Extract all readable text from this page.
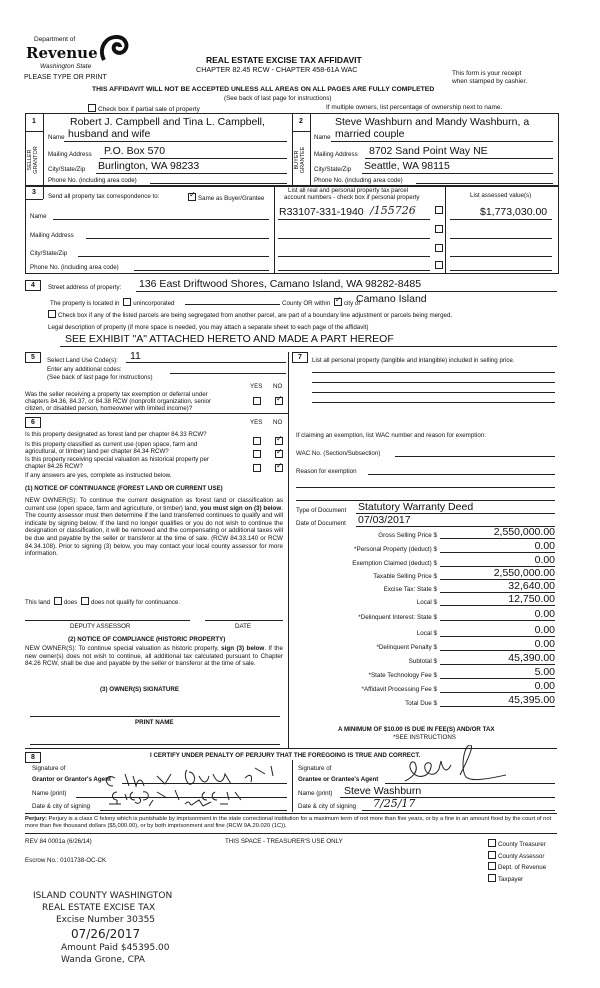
Department of
Revenue
Washington State
PLEASE TYPE OR PRINT
REAL ESTATE EXCISE TAX AFFIDAVIT
CHAPTER 82.45 RCW - CHAPTER 458-61A WAC	This form is your receipt
when stamped by cashier.
THIS AFFIDAVIT WILL NOT BE ACCEPTED UNLESS ALL AREAS ON ALL PAGES ARE FULLY COMPLETED
(See back of last page for instructions)
Check box if partial sale of property	If multiple owners, list percentage of ownership next to name.
1	2
SELLER
GRANTOR	BUYER
GRANTEE
Robert J. Campbell and Tina L. Campbell,
Name husband and wife
Mailing Address P.O. Box 570
City/State/Zip Burlington, WA 98233
Phone No. (including area code)
Steve Washburn and Mandy Washburn, a
Name married couple
Mailing Address 8702 Sand Point Way NE
City/State/Zip Seattle, WA 98115
Phone No. (including area code)
3
Send all property tax correspondence to: ✓	Same as Buyer/Grantee
List all real and personal property tax parcel
account numbers - check box if personal property	List assessed value(s)
Name
Mailing Address
City/State/Zip
Phone No. (including area code)
R33107-331-1940 /155726	$1,773,030.00
4	Street address of property: 136 East Driftwood Shores, Camano Island, WA 98282-8485
The property is located in unincorporated	County OR within ✓ city of
Camano Island
Check box if any of the listed parcels are being segregated from another parcel, are part of a boundary line adjustment or parcels being merged.
Legal description of property (if more space is needed, you may attach a separate sheet to each page of the affidavit)
SEE EXHIBIT "A" ATTACHED HERETO AND MADE A PART HEREOF
5	Select Land Use Code(s): 11
Enter any additional codes:
(See back of last page for instructions)
YES NO
Was the seller receiving a property tax exemption or deferral under
chapters 84.36, 84.37, or 84.38 RCW (nonprofit organization, senior
citizen, or disabled person, homeowner with limited income)?
✓
6	YES NO
Is this property designated as forest land per chapter 84.33 RCW?
✓
Is this property classified as current use (open space, farm and
agricultural, or timber) land per chapter 84.34 RCW?
✓
Is this property receiving special valuation as historical property per
chapter 84.26 RCW?
✓
If any answers are yes, complete as instructed below.
(1) NOTICE OF CONTINUANCE (FOREST LAND OR CURRENT USE)
NEW OWNER(S): To continue the current designation as forest land or classification as current use (open space, farm and agriculture, or timber) land, you must sign on (3) below. The county assessor must then determine if the land transferred continues to qualify and will indicate by signing below. If the land no longer qualifies or you do not wish to continue the designation or classification, it will be removed and the compensating or additional taxes will be due and payable by the seller or transferor at the time of sale. (RCW 84.33.140 or RCW 84.34.108). Prior to signing (3) below, you may contact your local county assessor for more information.
This land does does not qualify for continuance.
DEPUTY ASSESSOR	DATE
(2) NOTICE OF COMPLIANCE (HISTORIC PROPERTY)
NEW OWNER(S): To continue special valuation as historic property, sign (3) below. If the new owner(s) does not wish to continue, all additional tax calculated pursuant to Chapter 84.26 RCW, shall be due and payable by the seller or transferor at the time of sale.
(3) OWNER(S) SIGNATURE
PRINT NAME
7	List all personal property (tangible and intangible) included in selling price.
If claiming an exemption, list WAC number and reason for exemption:
WAC No. (Section/Subsection)
Reason for exemption
Type of Document Statutory Warranty Deed
Date of Document 07/03/2017
Gross Selling Price $	2,550,000.00
*Personal Property (deduct) $	0.00
Exemption Claimed (deduct) $	0.00
Taxable Selling Price $	2,550,000.00
Excise Tax: State $	32,640.00
Local $	12,750.00
*Delinquent Interest: State $	0.00
Local $	0.00
*Delinquent Penalty $	0.00
Subtotal $	45,390.00
*State Technology Fee $	5.00
*Affidavit Processing Fee $	0.00
Total Due $	45,395.00
A MINIMUM OF $10.00 IS DUE IN FEE(S) AND/OR TAX
*SEE INSTRUCTIONS
8	I CERTIFY UNDER PENALTY OF PERJURY THAT THE FOREGOING IS TRUE AND CORRECT.
Signature of
Grantor or Grantor's Agent
Name (print)
Date & city of signing
Signature of
Grantee or Grantee's Agent
Name (print) Steve Washburn
Date & city of signing 7/25/17
Perjury: Perjury is a class C felony which is punishable by imprisonment in the state correctional institution for a maximum term of not more than five years, or by a fine in an amount fixed by the court of not more than five thousand dollars ($5,000.00), or by both imprisonment and fine (RCW 9A.20.020 (1C)).
REV 84 0001a (6/26/14)	THIS SPACE - TREASURER'S USE ONLY
Escrow No.: 0101738-OC-CK
County Treasurer
County Assessor
Dept. of Revenue
Taxpayer
ISLAND COUNTY WASHINGTON
REAL ESTATE EXCISE TAX
Excise Number 30355
07/26/2017
Amount Paid $45395.00
Wanda Grone, CPA
